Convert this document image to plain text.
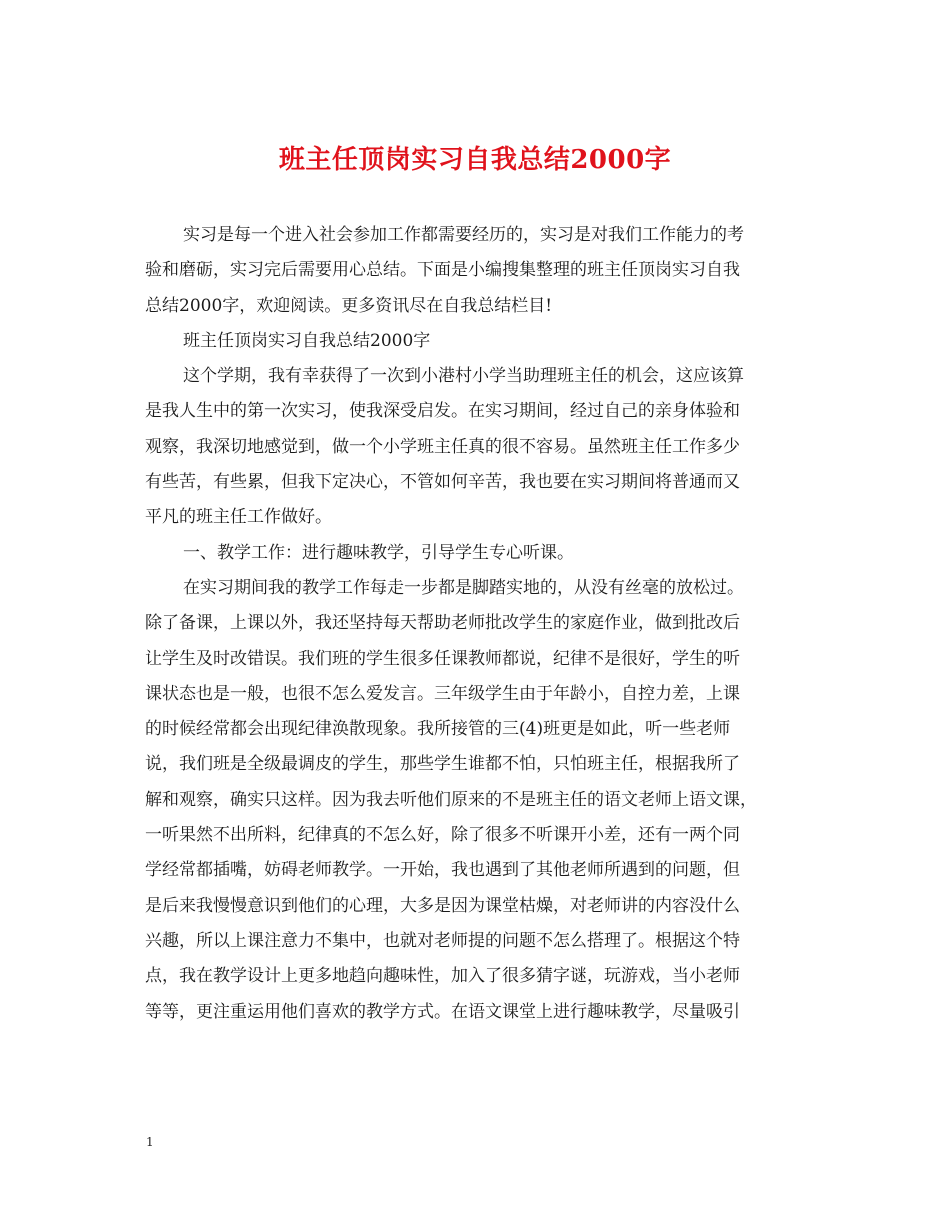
班主任顶岗实习自我总结2000字
实习是每一个进入社会参加工作都需要经历的，实习是对我们工作能力的考
验和磨砺，实习完后需要用心总结。下面是小编搜集整理的班主任顶岗实习自我
总结2000字，欢迎阅读。更多资讯尽在自我总结栏目!
班主任顶岗实习自我总结2000字
这个学期，我有幸获得了一次到小港村小学当助理班主任的机会，这应该算
是我人生中的第一次实习，使我深受启发。在实习期间，经过自己的亲身体验和
观察，我深切地感觉到，做一个小学班主任真的很不容易。虽然班主任工作多少
有些苦，有些累，但我下定决心，不管如何辛苦，我也要在实习期间将普通而又
平凡的班主任工作做好。
一、教学工作：进行趣味教学，引导学生专心听课。
在实习期间我的教学工作每走一步都是脚踏实地的，从没有丝毫的放松过。
除了备课，上课以外，我还坚持每天帮助老师批改学生的家庭作业，做到批改后
让学生及时改错误。我们班的学生很多任课教师都说，纪律不是很好，学生的听
课状态也是一般，也很不怎么爱发言。三年级学生由于年龄小，自控力差，上课
的时候经常都会出现纪律涣散现象。我所接管的三(4)班更是如此，听一些老师
说，我们班是全级最调皮的学生，那些学生谁都不怕，只怕班主任，根据我所了
解和观察，确实只这样。因为我去听他们原来的不是班主任的语文老师上语文课，
一听果然不出所料，纪律真的不怎么好，除了很多不听课开小差，还有一两个同
学经常都插嘴，妨碍老师教学。一开始，我也遇到了其他老师所遇到的问题，但
是后来我慢慢意识到他们的心理，大多是因为课堂枯燥，对老师讲的内容没什么
兴趣，所以上课注意力不集中，也就对老师提的问题不怎么搭理了。根据这个特
点，我在教学设计上更多地趋向趣味性，加入了很多猜字谜，玩游戏，当小老师
等等，更注重运用他们喜欢的教学方式。在语文课堂上进行趣味教学，尽量吸引
1
